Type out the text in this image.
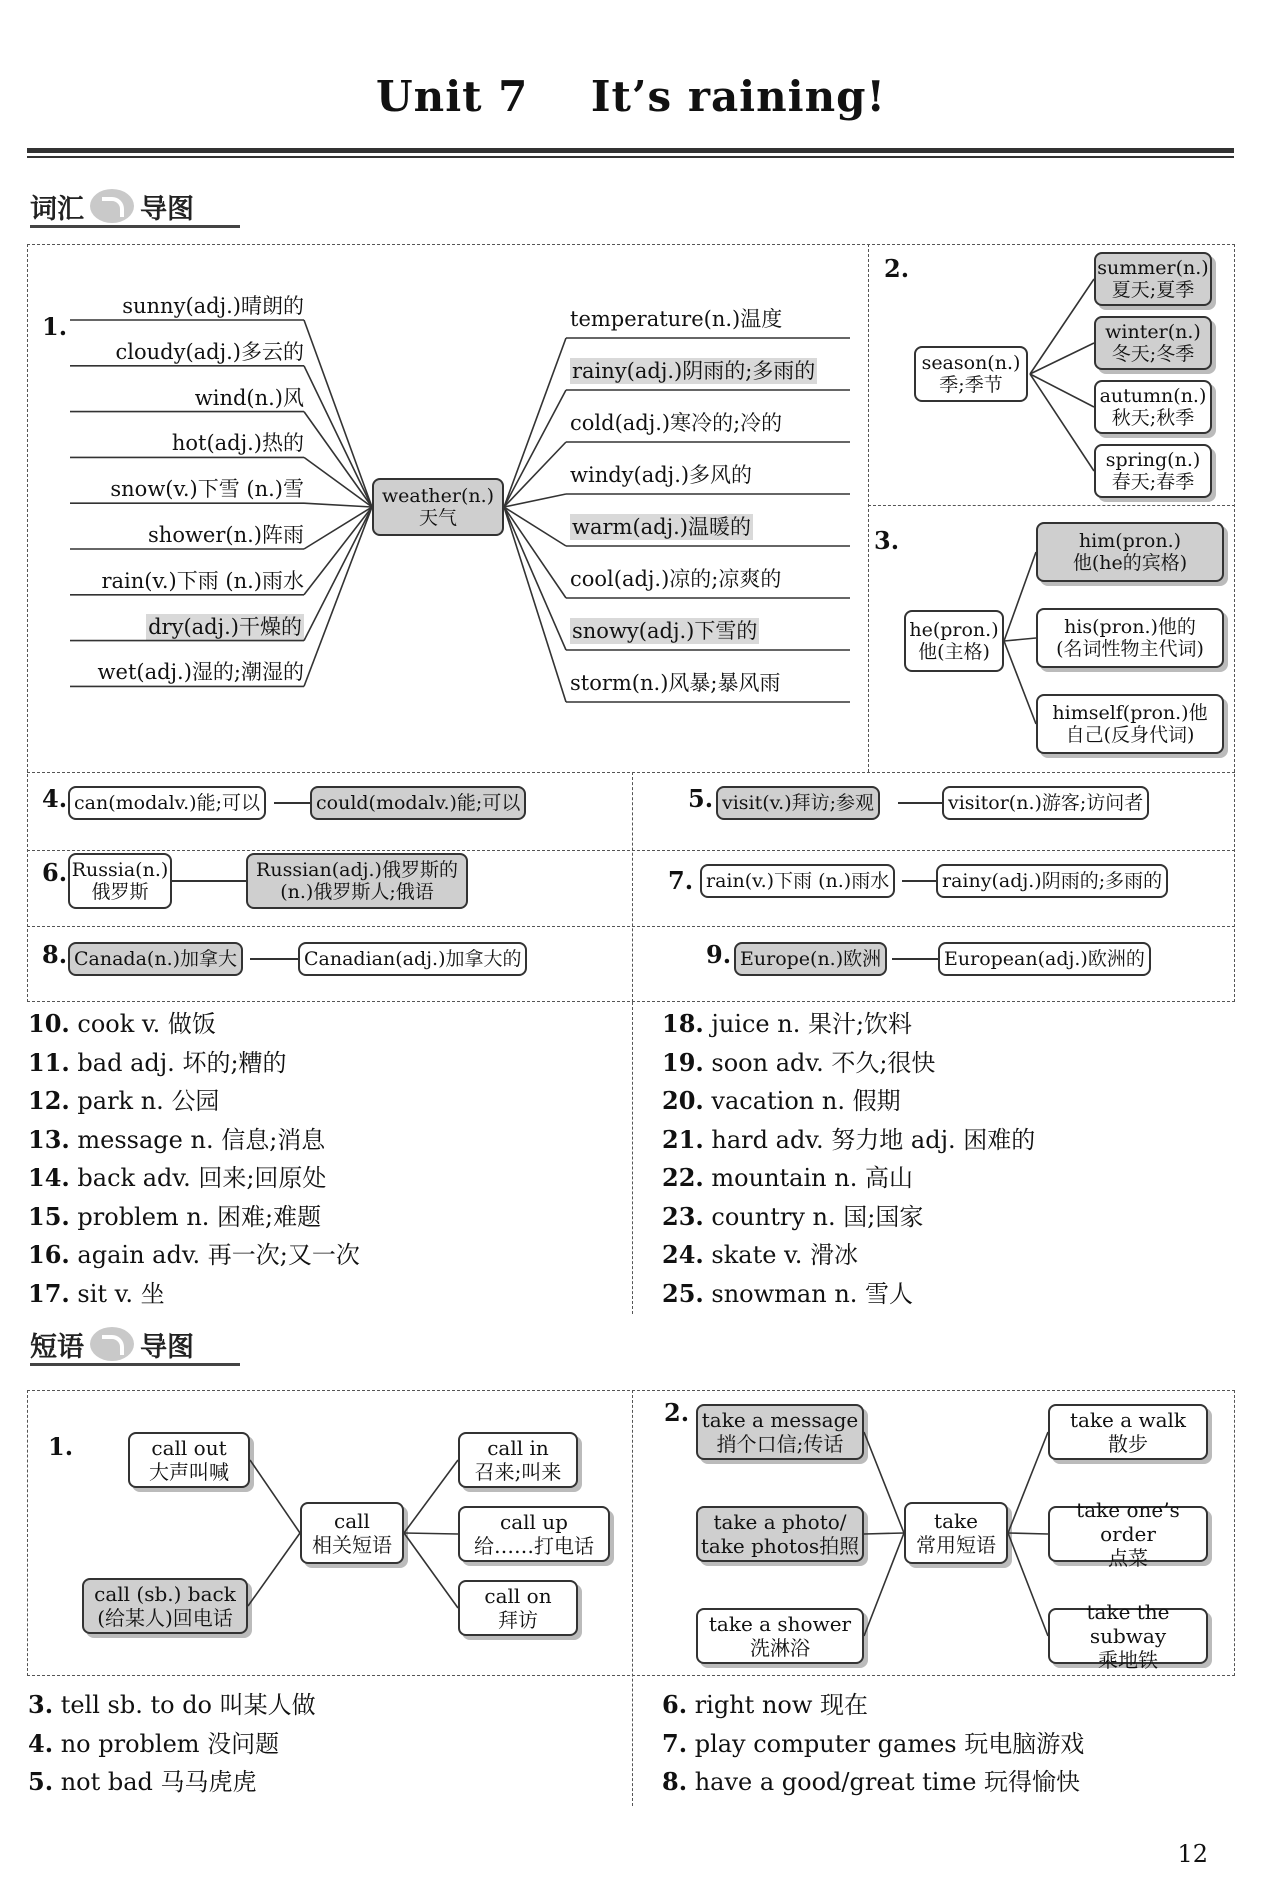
Unit 7    It’s raining!
词汇 导图
1.
weather(n.)
天气
sunny(adj.)晴朗的
cloudy(adj.)多云的
wind(n.)风
hot(adj.)热的
snow(v.)下雪 (n.)雪
shower(n.)阵雨
rain(v.)下雨 (n.)雨水
dry(adj.)干燥的
wet(adj.)湿的;潮湿的
temperature(n.)温度
rainy(adj.)阴雨的;多雨的
cold(adj.)寒冷的;冷的
windy(adj.)多风的
warm(adj.)温暖的
cool(adj.)凉的;凉爽的
snowy(adj.)下雪的
storm(n.)风暴;暴风雨
2.
season(n.)
季;季节
summer(n.)
夏天;夏季
winter(n.)
冬天;冬季
autumn(n.)
秋天;秋季
spring(n.)
春天;春季
3.
he(pron.)
他(主格)
him(pron.)
他(he的宾格)
his(pron.)他的
(名词性物主代词)
himself(pron.)他
自己(反身代词)
4. can(modalv.)能;可以	could(modalv.)能;可以	5. visit(v.)拜访;参观	visitor(n.)游客;访问者
6. Russia(n.)
俄罗斯
Russian(adj.)俄罗斯的
(n.)俄罗斯人;俄语	7. rain(v.)下雨 (n.)雨水	rainy(adj.)阴雨的;多雨的
8. Canada(n.)加拿大	Canadian(adj.)加拿大的	9. Europe(n.)欧洲	European(adj.)欧洲的
10. cook v. 做饭
11. bad adj. 坏的;糟的
12. park n. 公园
13. message n. 信息;消息
14. back adv. 回来;回原处
15. problem n. 困难;难题
16. again adv. 再一次;又一次
17. sit v. 坐
18. juice n. 果汁;饮料
19. soon adv. 不久;很快
20. vacation n. 假期
21. hard adv. 努力地 adj. 困难的
22. mountain n. 高山
23. country n. 国;国家
24. skate v. 滑冰
25. snowman n. 雪人
短语 导图
1.
2.
call
相关短语
call out
大声叫喊
call (sb.) back
(给某人)回电话
call in
召来;叫来
call up
给……打电话
call on
拜访
take
常用短语
take a message
捎个口信;传话
take a photo/
take photos拍照
take a shower
洗淋浴
take a walk
散步
take one’s order
点菜
take the subway
乘地铁
3. tell sb. to do 叫某人做
4. no problem 没问题
5. not bad 马马虎虎
6. right now 现在
7. play computer games 玩电脑游戏
8. have a good/great time 玩得愉快
12
